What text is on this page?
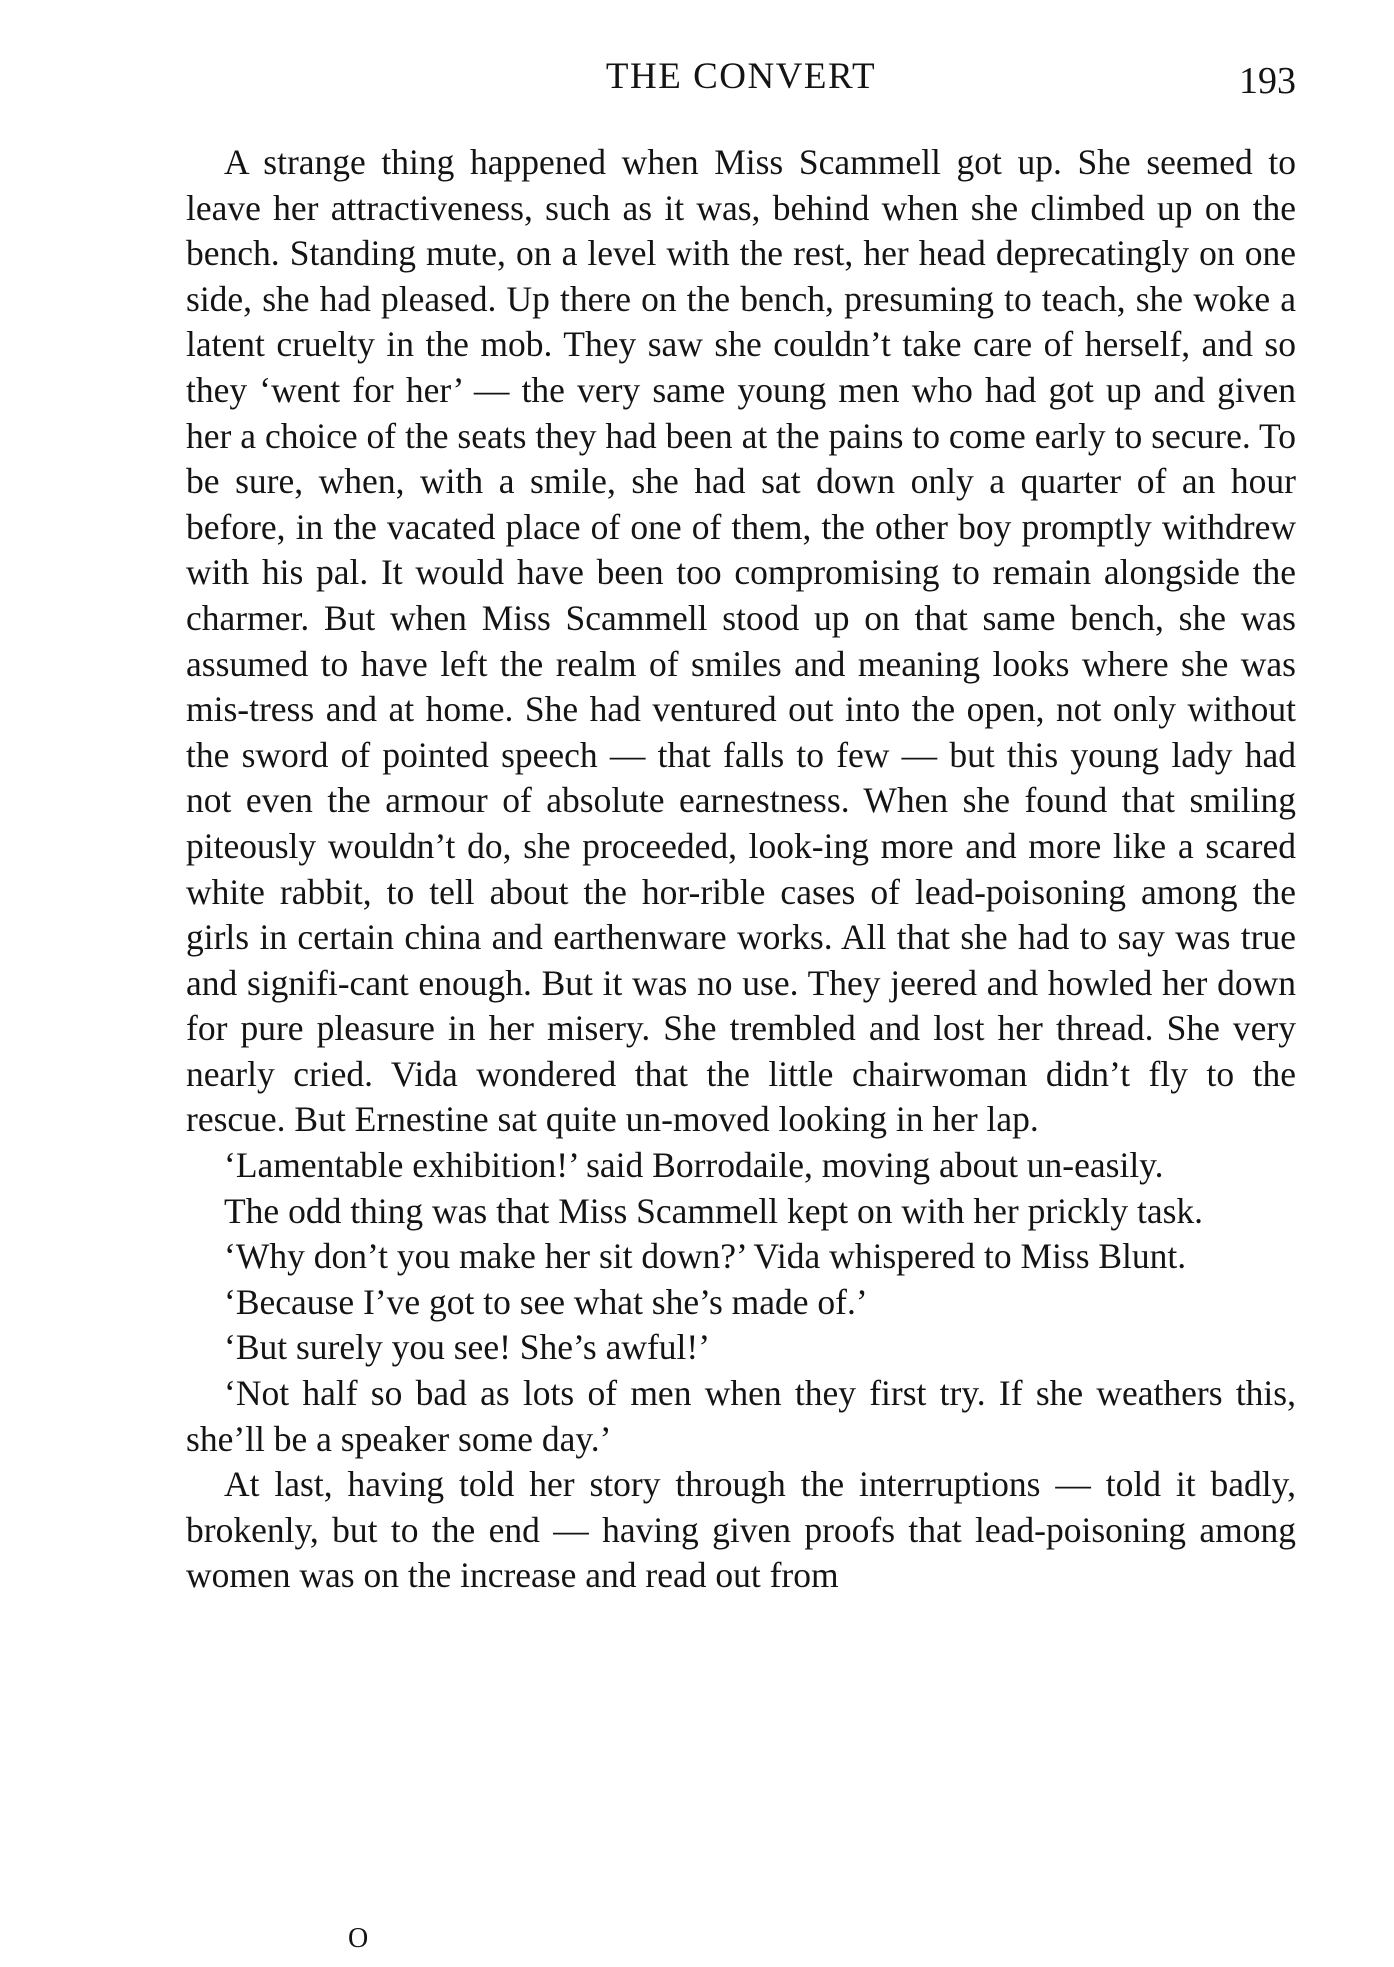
THE CONVERT	193

A strange thing happened when Miss Scammell got up. She seemed to leave her attractiveness, such as it was, behind when she climbed up on the bench. Standing mute, on a level with the rest, her head deprecatingly on one side, she had pleased. Up there on the bench, presuming to teach, she woke a latent cruelty in the mob. They saw she couldn’t take care of herself, and so they ‘went for her’ — the very same young men who had got up and given her a choice of the seats they had been at the pains to come early to secure. To be sure, when, with a smile, she had sat down only a quarter of an hour before, in the vacated place of one of them, the other boy promptly withdrew with his pal. It would have been too compromising to remain alongside the charmer. But when Miss Scammell stood up on that same bench, she was assumed to have left the realm of smiles and meaning looks where she was mis-tress and at home. She had ventured out into the open, not only without the sword of pointed speech — that falls to few — but this young lady had not even the armour of absolute earnestness. When she found that smiling piteously wouldn’t do, she proceeded, look-ing more and more like a scared white rabbit, to tell about the hor-rible cases of lead-poisoning among the girls in certain china and earthenware works. All that she had to say was true and signifi-cant enough. But it was no use. They jeered and howled her down for pure pleasure in her misery. She trembled and lost her thread. She very nearly cried. Vida wondered that the little chairwoman didn’t fly to the rescue. But Ernestine sat quite un-moved looking in her lap.

‘Lamentable exhibition!’ said Borrodaile, moving about un-easily.

The odd thing was that Miss Scammell kept on with her prickly task.

‘Why don’t you make her sit down?’ Vida whispered to Miss Blunt.

‘Because I’ve got to see what she’s made of.’

‘But surely you see! She’s awful!’

‘Not half so bad as lots of men when they first try. If she weathers this, she’ll be a speaker some day.’

At last, having told her story through the interruptions — told it badly, brokenly, but to the end — having given proofs that lead-poisoning among women was on the increase and read out from

O
